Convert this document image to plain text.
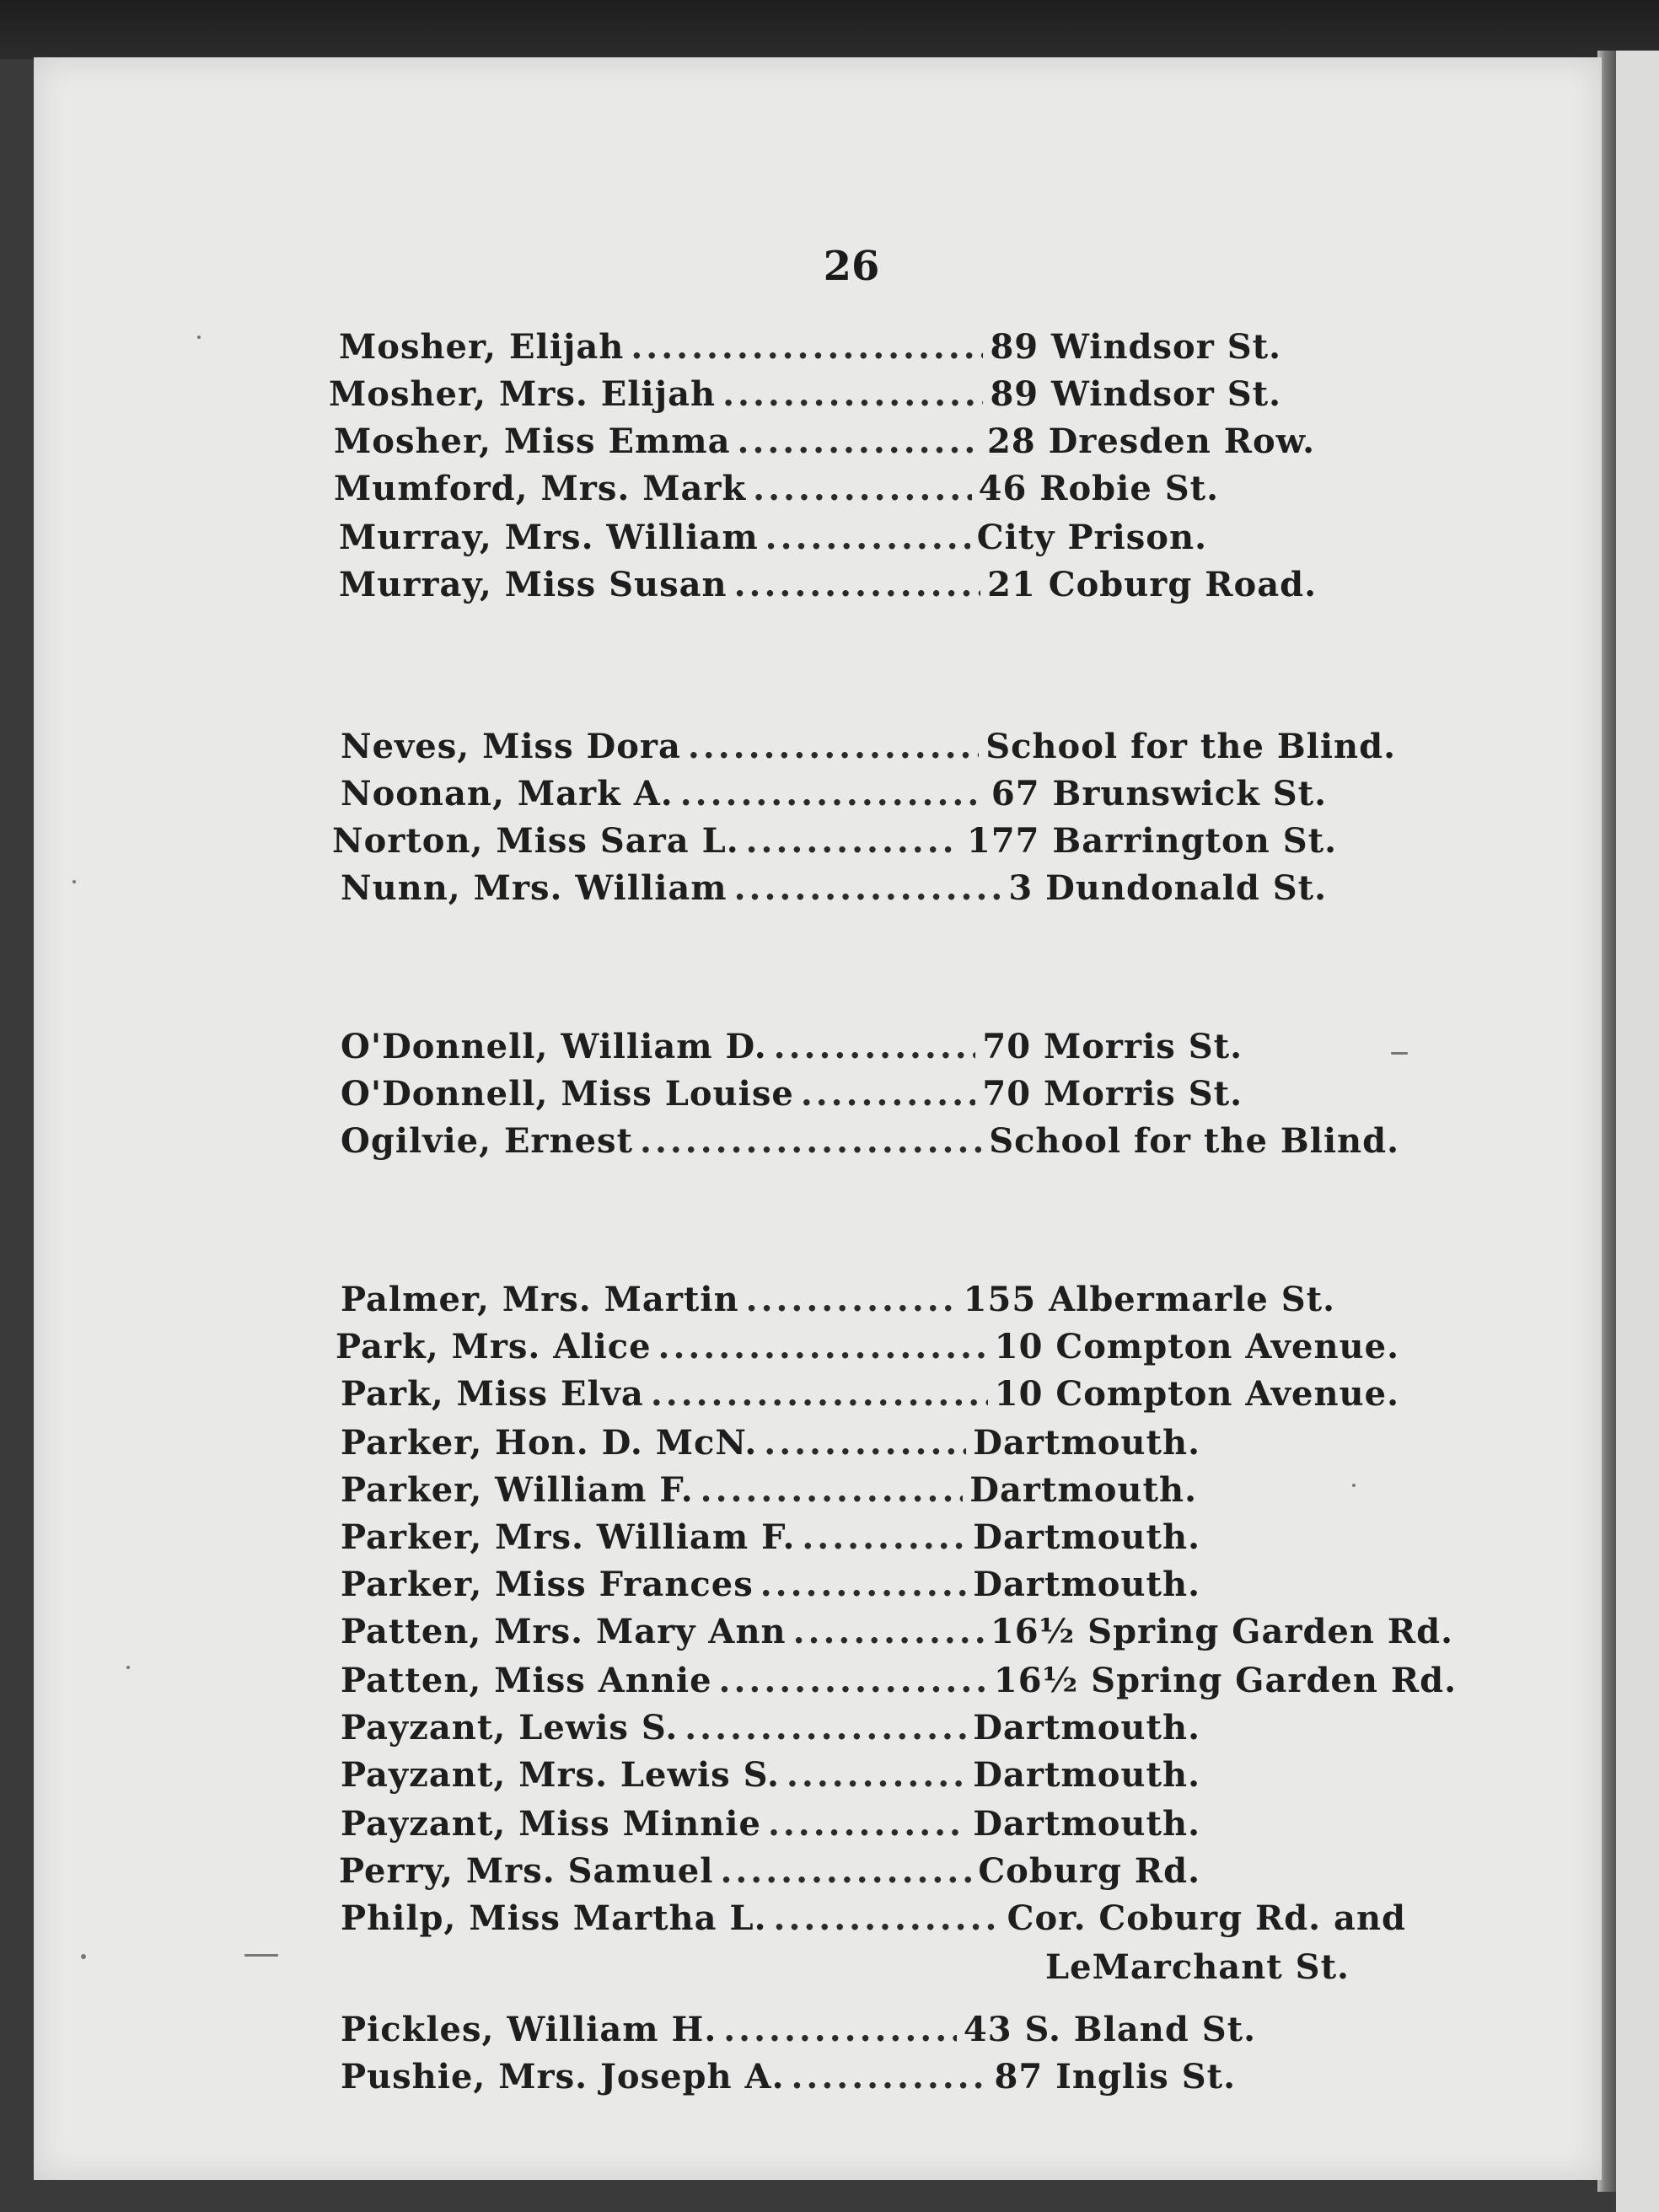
26
Mosher, Elijah .....	89 Windsor St.
Mosher, Mrs. Elijah .....	89 Windsor St.
Mosher, Miss Emma .....	28 Dresden Row.
Mumford, Mrs. Mark .....	46 Robie St.
Murray, Mrs. William .....	City Prison.
Murray, Miss Susan .....	21 Coburg Road.
Neves, Miss Dora .....	School for the Blind.
Noonan, Mark A. .....	67 Brunswick St.
Norton, Miss Sara L. .....	177 Barrington St.
Nunn, Mrs. William .....	3 Dundonald St.
O'Donnell, William D. .....	70 Morris St.
O'Donnell, Miss Louise .....	70 Morris St.
Ogilvie, Ernest .....	School for the Blind.
Palmer, Mrs. Martin .....	155 Albermarle St.
Park, Mrs. Alice .....	10 Compton Avenue.
Park, Miss Elva .....	10 Compton Avenue.
Parker, Hon. D. McN. .....	Dartmouth.
Parker, William F. .....	Dartmouth.
Parker, Mrs. William F. .....	Dartmouth.
Parker, Miss Frances .....	Dartmouth.
Patten, Mrs. Mary Ann .....	16½ Spring Garden Rd.
Patten, Miss Annie .....	16½ Spring Garden Rd.
Payzant, Lewis S. .....	Dartmouth.
Payzant, Mrs. Lewis S. .....	Dartmouth.
Payzant, Miss Minnie .....	Dartmouth.
Perry, Mrs. Samuel .....	Coburg Rd.
Philp, Miss Martha L. .....	Cor. Coburg Rd. and
LeMarchant St.
Pickles, William H. .....	43 S. Bland St.
Pushie, Mrs. Joseph A. .....	87 Inglis St.
